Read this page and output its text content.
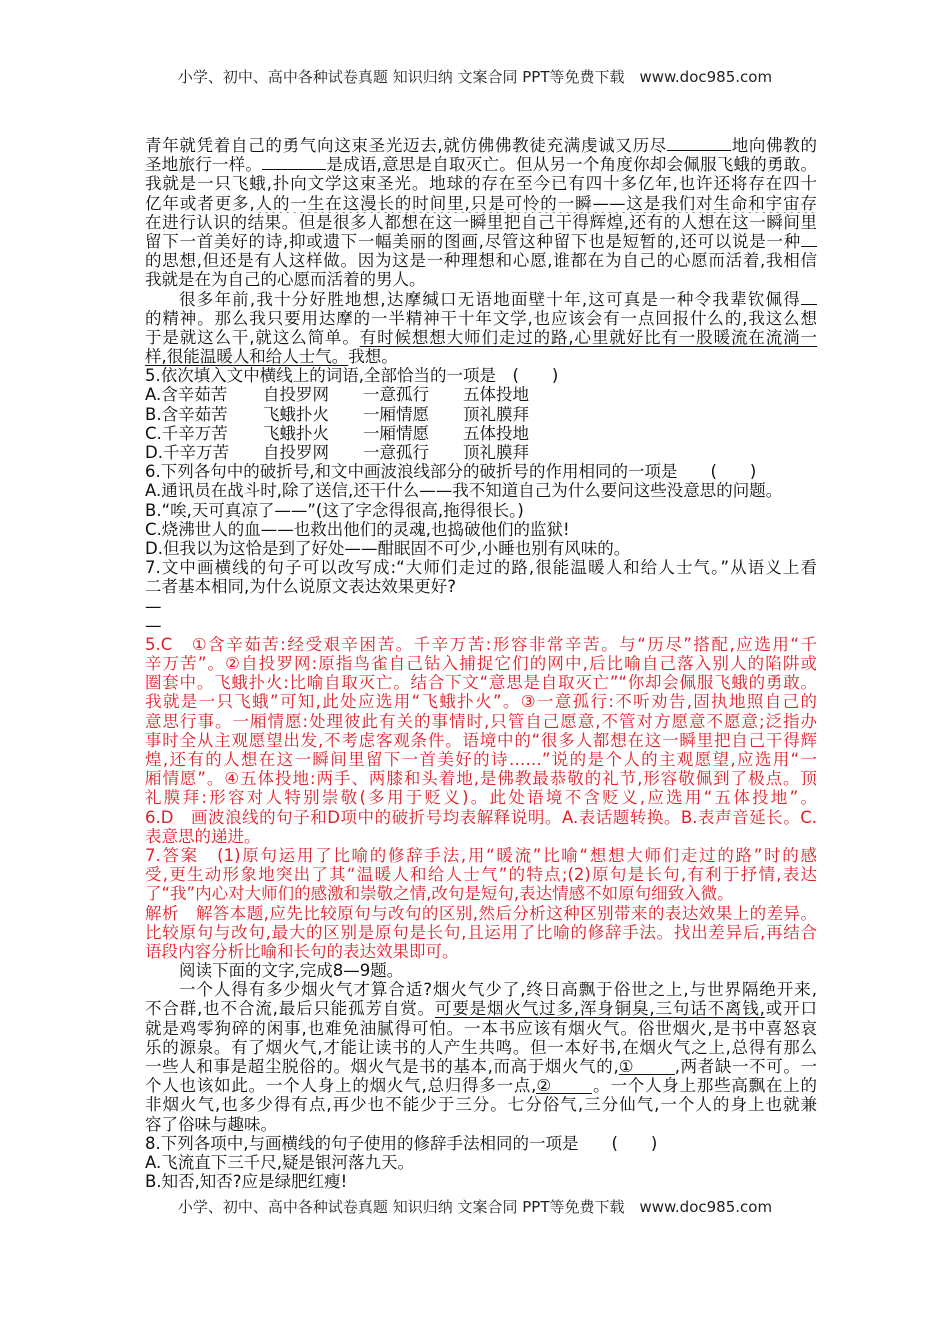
小学、初中、高中各种试卷真题 知识归纳 文案合同 PPT等免费下载　www.doc985.com
青年就凭着自己的勇气向这束圣光迈去,就仿佛佛教徒充满虔诚又历尽	地向佛教的
圣地旅行一样。	是成语,意思是自取灭亡。但从另一个角度你却会佩服飞蛾的勇敢。
我就是一只飞蛾,扑向文学这束圣光。地球的存在至今已有四十多亿年,也许还将存在四十
亿年或者更多,人的一生在这漫长的时间里,只是可怜的一瞬——这是我们对生命和宇宙存
在进行认识的结果。但是很多人都想在这一瞬里把自己干得辉煌,还有的人想在这一瞬间里
留下一首美好的诗,抑或遗下一幅美丽的图画,尽管这种留下也是短暂的,还可以说是一种
的思想,但还是有人这样做。因为这是一种理想和心愿,谁都在为自己的心愿而活着,我相信
我就是在为自己的心愿而活着的男人。
很多年前,我十分好胜地想,达摩缄口无语地面壁十年,这可真是一种令我辈钦佩得
的精神。那么我只要用达摩的一半精神干十年文学,也应该会有一点回报什么的,我这么想
于是就这么干,就这么简单。有时候想想大师们走过的路,心里就好比有一股暖流在流淌一
样,很能温暖人和给人士气。我想。
5.依次填入文中横线上的词语,全部恰当的一项是　(　　)
A.含辛茹苦	自投罗网	一意孤行	五体投地
B.含辛茹苦	飞蛾扑火	一厢情愿	顶礼膜拜
C.千辛万苦	飞蛾扑火	一厢情愿	五体投地
D.千辛万苦	自投罗网	一意孤行	顶礼膜拜
6.下列各句中的破折号,和文中画波浪线部分的破折号的作用相同的一项是　　(　　)
A.通讯员在战斗时,除了送信,还干什么——我不知道自己为什么要问这些没意思的问题。
B.“唉,天可真凉了——”(这了字念得很高,拖得很长。)
C.烧沸世人的血——也救出他们的灵魂,也捣破他们的监狱!
D.但我以为这恰是到了好处——酣眠固不可少,小睡也别有风味的。
7.文中画横线的句子可以改写成:“大师们走过的路,很能温暖人和给人士气。”从语义上看
二者基本相同,为什么说原文表达效果更好?
—
—
5.C　①含辛茹苦:经受艰辛困苦。千辛万苦:形容非常辛苦。与“历尽”搭配,应选用“千
辛万苦”。②自投罗网:原指鸟雀自己钻入捕捉它们的网中,后比喻自己落入别人的陷阱或
圈套中。飞蛾扑火:比喻自取灭亡。结合下文“意思是自取灭亡”“你却会佩服飞蛾的勇敢。
我就是一只飞蛾”可知,此处应选用“飞蛾扑火”。③一意孤行:不听劝告,固执地照自己的
意思行事。一厢情愿:处理彼此有关的事情时,只管自己愿意,不管对方愿意不愿意;泛指办
事时全从主观愿望出发,不考虑客观条件。语境中的“很多人都想在这一瞬里把自己干得辉
煌,还有的人想在这一瞬间里留下一首美好的诗……”说的是个人的主观愿望,应选用“一
厢情愿”。④五体投地:两手、两膝和头着地,是佛教最恭敬的礼节,形容敬佩到了极点。顶
礼膜拜:形容对人特别崇敬(多用于贬义)。此处语境不含贬义,应选用“五体投地”。
6.D　画波浪线的句子和D项中的破折号均表解释说明。A.表话题转换。B.表声音延长。C.
表意思的递进。
7.答案　(1)原句运用了比喻的修辞手法,用“暖流”比喻“想想大师们走过的路”时的感
受,更生动形象地突出了其“温暖人和给人士气”的特点;(2)原句是长句,有利于抒情,表达
了“我”内心对大师们的感激和崇敬之情,改句是短句,表达情感不如原句细致入微。
解析　解答本题,应先比较原句与改句的区别,然后分析这种区别带来的表达效果上的差异。
比较原句与改句,最大的区别是原句是长句,且运用了比喻的修辞手法。找出差异后,再结合
语段内容分析比喻和长句的表达效果即可。
阅读下面的文字,完成8—9题。
一个人得有多少烟火气才算合适?烟火气少了,终日高飘于俗世之上,与世界隔绝开来,
不合群,也不合流,最后只能孤芳自赏。可要是烟火气过多,浑身铜臭,三句话不离钱,或开口
就是鸡零狗碎的闲事,也难免油腻得可怕。一本书应该有烟火气。俗世烟火,是书中喜怒哀
乐的源泉。有了烟火气,才能让读书的人产生共鸣。但一本好书,在烟火气之上,总得有那么
一些人和事是超尘脱俗的。烟火气是书的基本,而高于烟火气的,① ,两者缺一不可。一
个人也该如此。一个人身上的烟火气,总归得多一点,② 。一个人身上那些高飘在上的
非烟火气,也多少得有点,再少也不能少于三分。七分俗气,三分仙气,一个人的身上也就兼
容了俗味与趣味。
8.下列各项中,与画横线的句子使用的修辞手法相同的一项是　　(　　)
A.飞流直下三千尺,疑是银河落九天。
B.知否,知否?应是绿肥红瘦!
小学、初中、高中各种试卷真题 知识归纳 文案合同 PPT等免费下载　www.doc985.com
